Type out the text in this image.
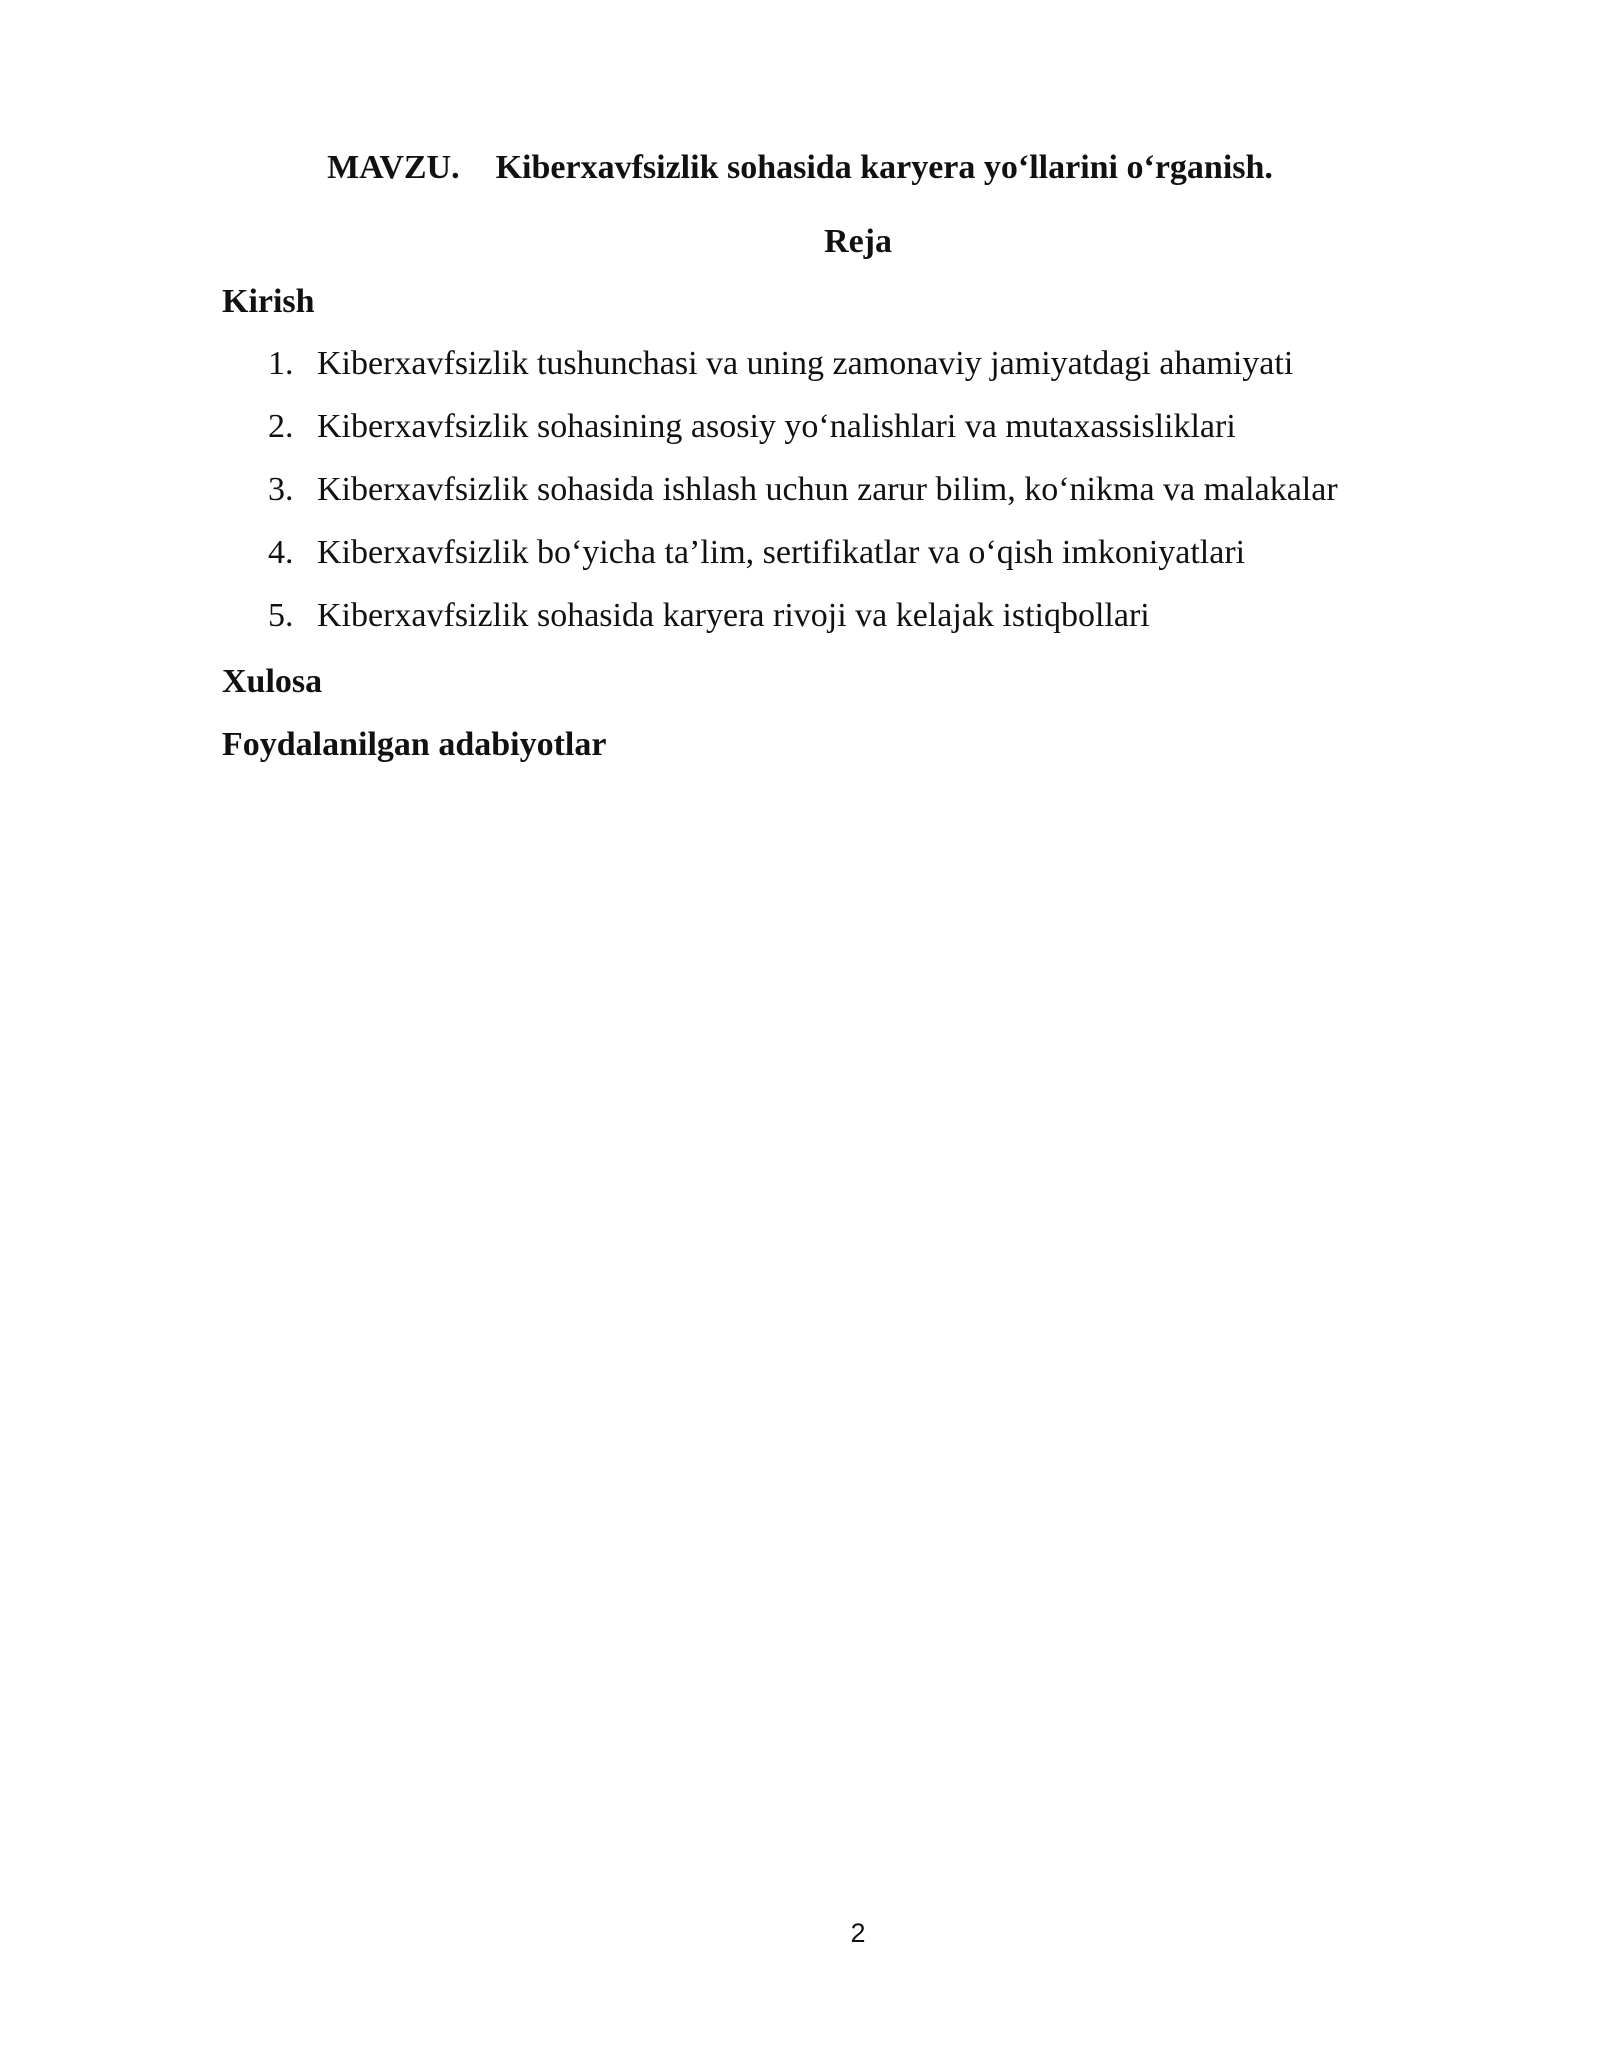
MAVZU. Kiberxavfsizlik sohasida karyera yo‘llarini o‘rganish.
Reja
Kirish
1. Kiberxavfsizlik tushunchasi va uning zamonaviy jamiyatdagi ahamiyati
2. Kiberxavfsizlik sohasining asosiy yo‘nalishlari va mutaxassisliklari
3. Kiberxavfsizlik sohasida ishlash uchun zarur bilim, ko‘nikma va malakalar
4. Kiberxavfsizlik bo‘yicha ta’lim, sertifikatlar va o‘qish imkoniyatlari
5. Kiberxavfsizlik sohasida karyera rivoji va kelajak istiqbollari
Xulosa
Foydalanilgan adabiyotlar
2
